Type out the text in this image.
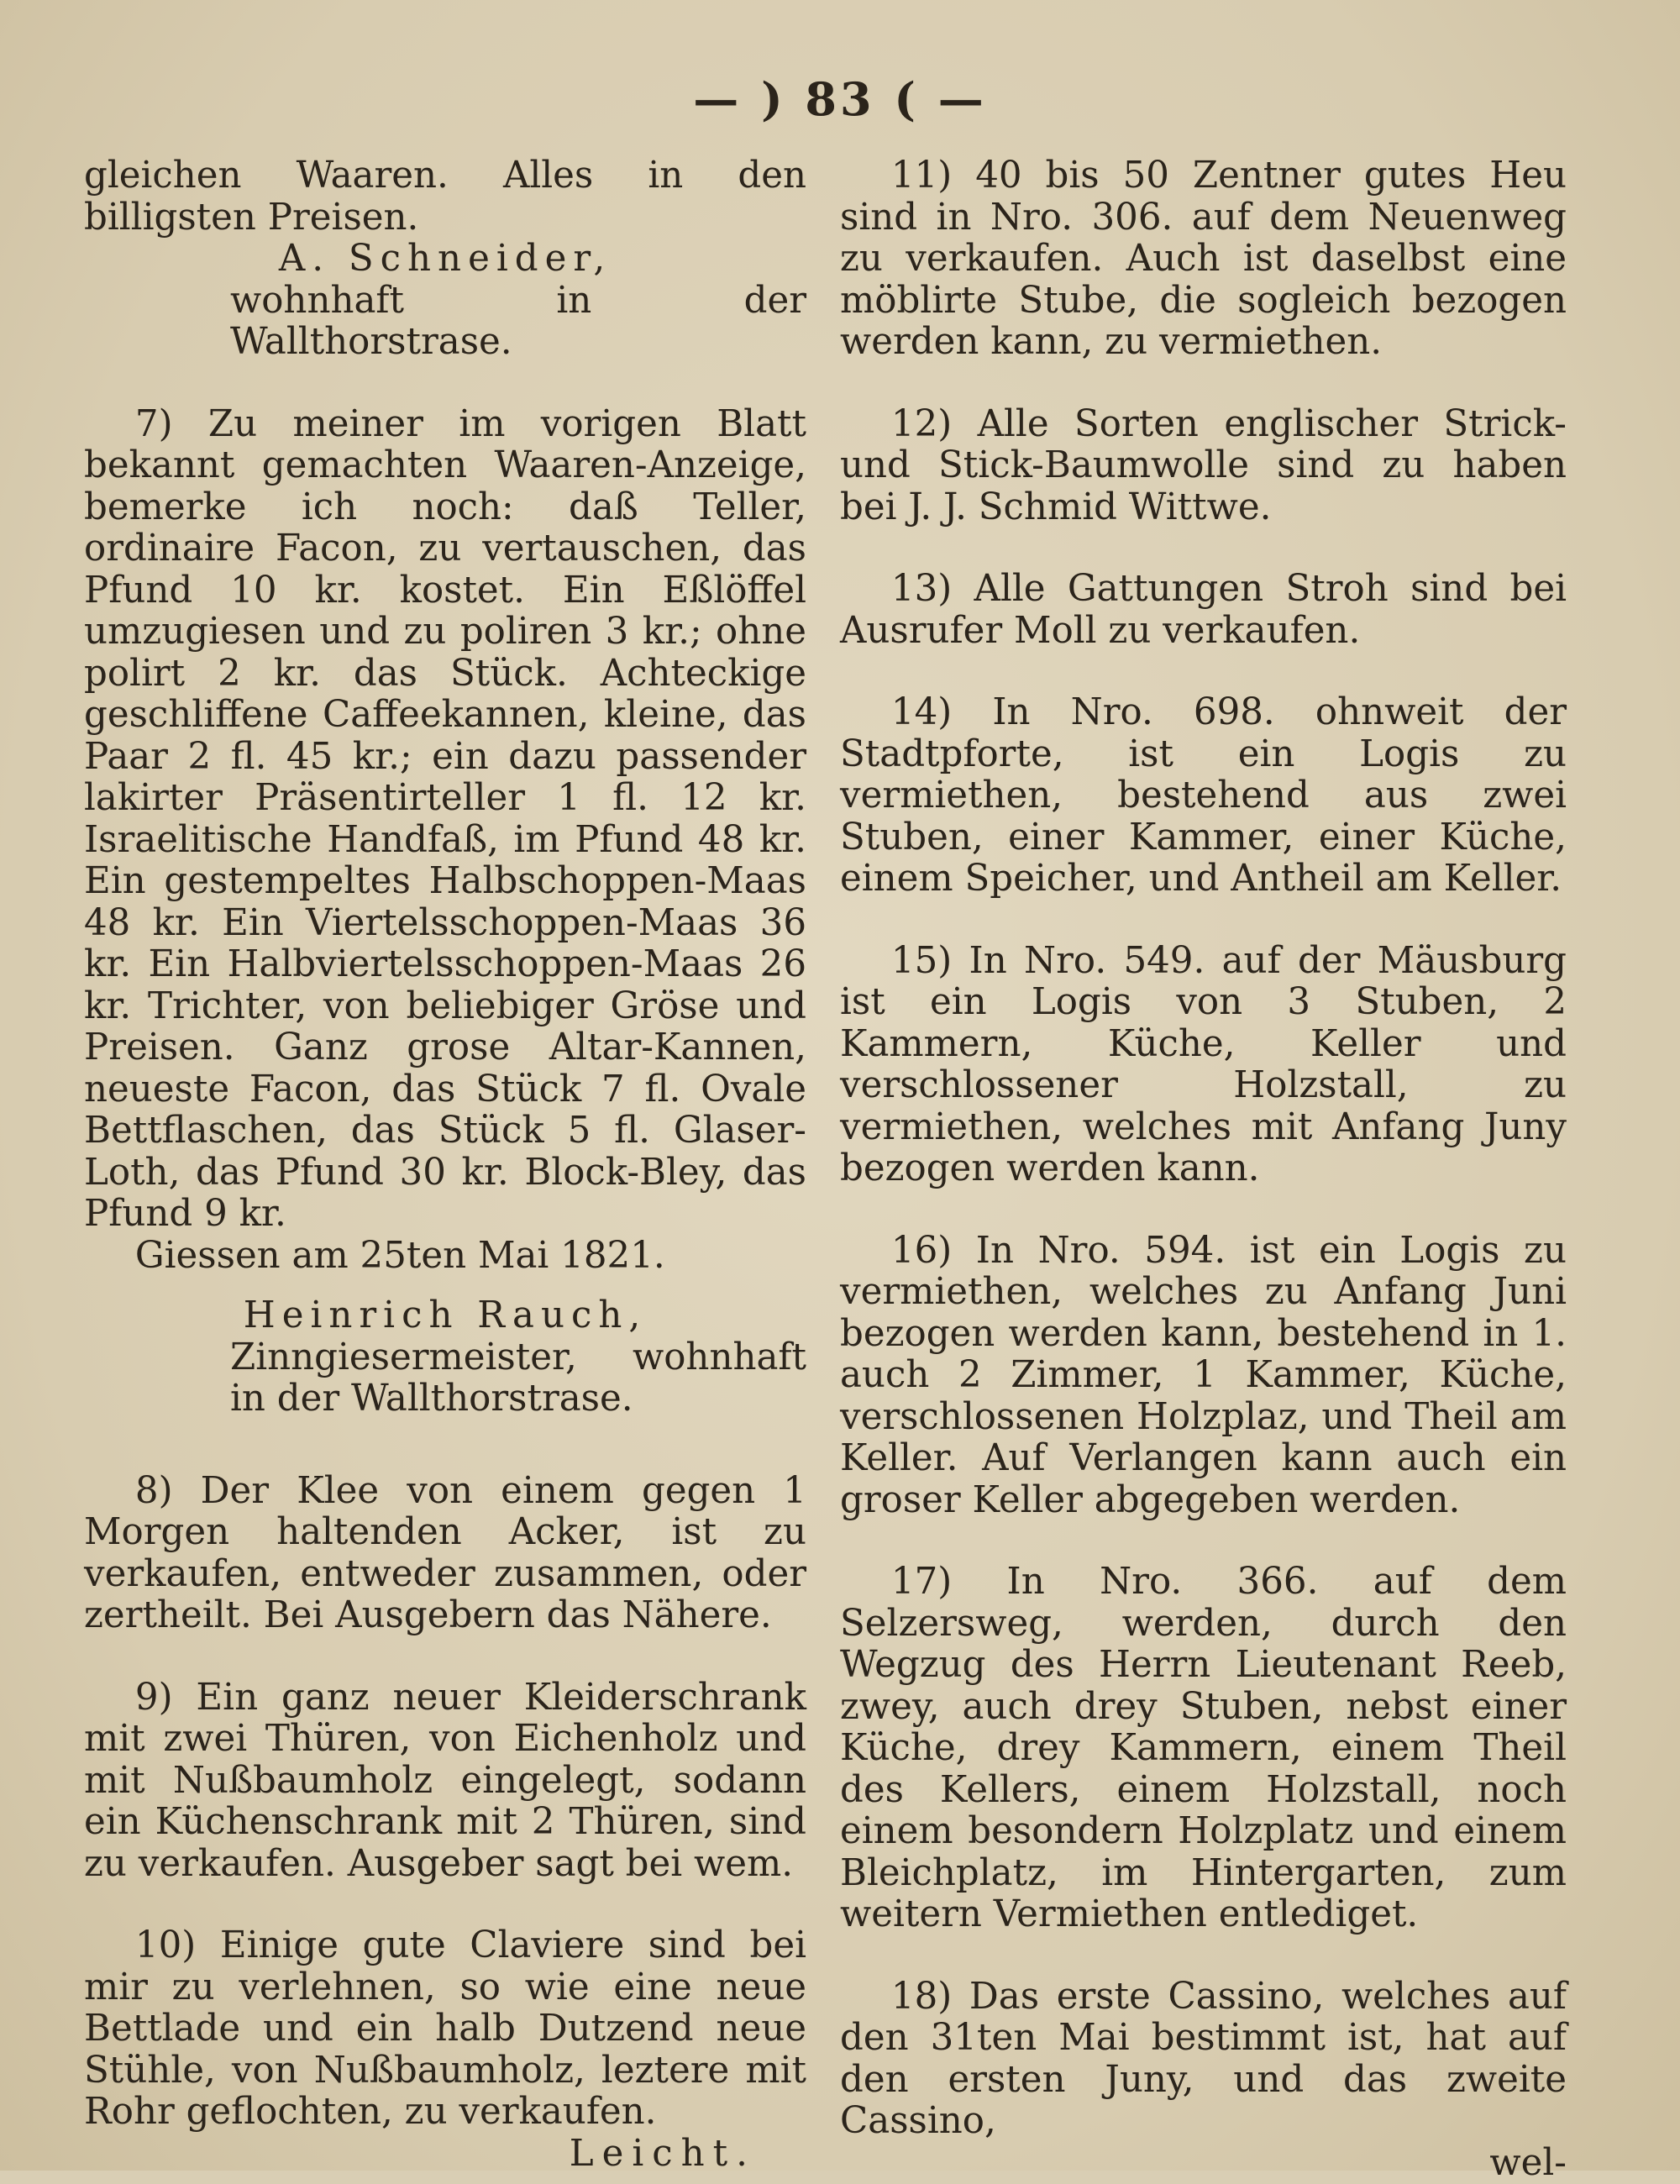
— ) 83 ( —

gleichen Waaren. Alles in den billigsten Preisen.

A. Schneider,

wohnhaft in der Wallthorstrase.

7) Zu meiner im vorigen Blatt bekannt gemachten Waaren-Anzeige, bemerke ich noch: daß Teller, ordinaire Facon, zu vertauschen, das Pfund 10 kr. kostet. Ein Eßlöffel umzugiesen und zu poliren 3 kr.; ohne polirt 2 kr. das Stück. Achteckige geschliffene Caffeekannen, kleine, das Paar 2 fl. 45 kr.; ein dazu passender lakirter Präsentirteller 1 fl. 12 kr. Israelitische Handfaß, im Pfund 48 kr. Ein gestempeltes Halbschoppen-Maas 48 kr. Ein Viertelsschoppen-Maas 36 kr. Ein Halbviertelsschoppen-Maas 26 kr. Trichter, von beliebiger Gröse und Preisen. Ganz grose Altar-Kannen, neueste Facon, das Stück 7 fl. Ovale Bettflaschen, das Stück 5 fl. Glaser-Loth, das Pfund 30 kr. Block-Bley, das Pfund 9 kr.

Giessen am 25ten Mai 1821.

Heinrich Rauch,

Zinngiesermeister, wohnhaft in der Wallthorstrase.

8) Der Klee von einem gegen 1 Morgen haltenden Acker, ist zu verkaufen, entweder zusammen, oder zertheilt. Bei Ausgebern das Nähere.

9) Ein ganz neuer Kleiderschrank mit zwei Thüren, von Eichenholz und mit Nußbaumholz eingelegt, sodann ein Küchenschrank mit 2 Thüren, sind zu verkaufen. Ausgeber sagt bei wem.

10) Einige gute Claviere sind bei mir zu verlehnen, so wie eine neue Bettlade und ein halb Dutzend neue Stühle, von Nußbaumholz, leztere mit Rohr geflochten, zu verkaufen.

Leicht.

11) 40 bis 50 Zentner gutes Heu sind in Nro. 306. auf dem Neuenweg zu verkaufen. Auch ist daselbst eine möblirte Stube, die sogleich bezogen werden kann, zu vermiethen.

12) Alle Sorten englischer Strick- und Stick-Baumwolle sind zu haben bei J. J. Schmid Wittwe.

13) Alle Gattungen Stroh sind bei Ausrufer Moll zu verkaufen.

14) In Nro. 698. ohnweit der Stadtpforte, ist ein Logis zu vermiethen, bestehend aus zwei Stuben, einer Kammer, einer Küche, einem Speicher, und Antheil am Keller.

15) In Nro. 549. auf der Mäusburg ist ein Logis von 3 Stuben, 2 Kammern, Küche, Keller und verschlossener Holzstall, zu vermiethen, welches mit Anfang Juny bezogen werden kann.

16) In Nro. 594. ist ein Logis zu vermiethen, welches zu Anfang Juni bezogen werden kann, bestehend in 1. auch 2 Zimmer, 1 Kammer, Küche, verschlossenen Holzplaz, und Theil am Keller. Auf Verlangen kann auch ein groser Keller abgegeben werden.

17) In Nro. 366. auf dem Selzersweg, werden, durch den Wegzug des Herrn Lieutenant Reeb, zwey, auch drey Stuben, nebst einer Küche, drey Kammern, einem Theil des Kellers, einem Holzstall, noch einem besondern Holzplatz und einem Bleichplatz, im Hintergarten, zum weitern Vermiethen entlediget.

18) Das erste Cassino, welches auf den 31ten Mai bestimmt ist, hat auf den ersten Juny, und das zweite Cassino,

wel-
